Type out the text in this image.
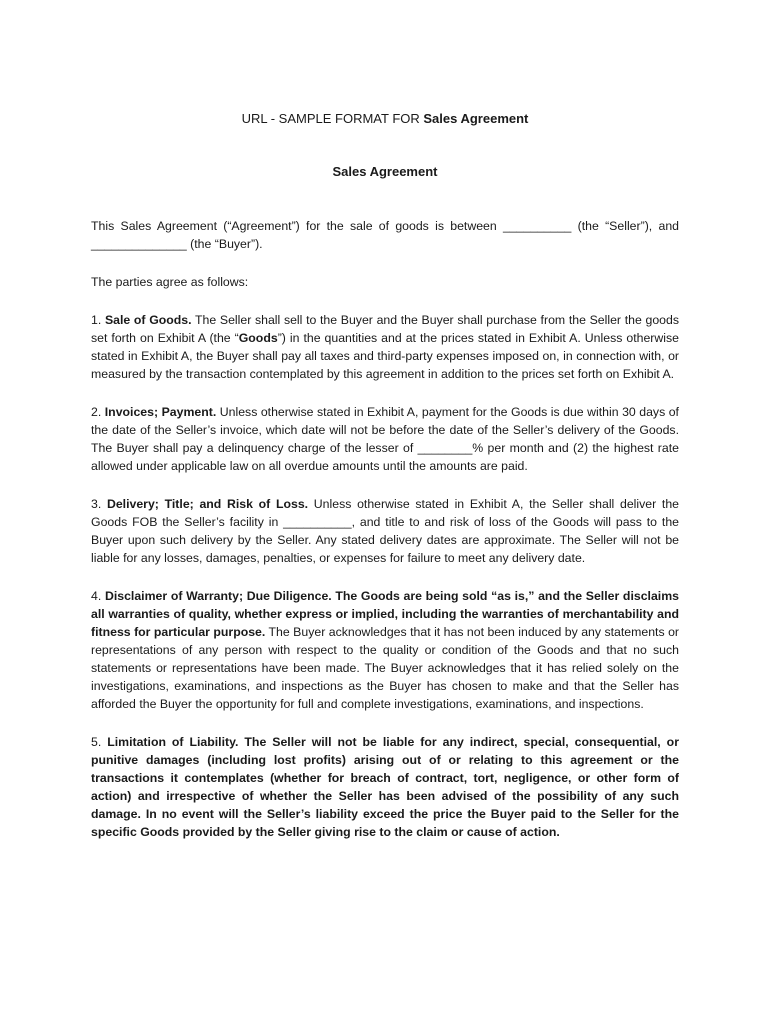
URL - SAMPLE FORMAT FOR Sales Agreement
Sales Agreement

This Sales Agreement (“Agreement”) for the sale of goods is between __________ (the “Seller”), and ______________ (the “Buyer”).

The parties agree as follows:

1. Sale of Goods. The Seller shall sell to the Buyer and the Buyer shall purchase from the Seller the goods set forth on Exhibit A (the “Goods”) in the quantities and at the prices stated in Exhibit A. Unless otherwise stated in Exhibit A, the Buyer shall pay all taxes and third-party expenses imposed on, in connection with, or measured by the transaction contemplated by this agreement in addition to the prices set forth on Exhibit A.

2. Invoices; Payment. Unless otherwise stated in Exhibit A, payment for the Goods is due within 30 days of the date of the Seller’s invoice, which date will not be before the date of the Seller’s delivery of the Goods. The Buyer shall pay a delinquency charge of the lesser of ________% per month and (2) the highest rate allowed under applicable law on all overdue amounts until the amounts are paid.

3. Delivery; Title; and Risk of Loss. Unless otherwise stated in Exhibit A, the Seller shall deliver the Goods FOB the Seller’s facility in __________, and title to and risk of loss of the Goods will pass to the Buyer upon such delivery by the Seller. Any stated delivery dates are approximate. The Seller will not be liable for any losses, damages, penalties, or expenses for failure to meet any delivery date.

4. Disclaimer of Warranty; Due Diligence. The Goods are being sold “as is,” and the Seller disclaims all warranties of quality, whether express or implied, including the warranties of merchantability and fitness for particular purpose. The Buyer acknowledges that it has not been induced by any statements or representations of any person with respect to the quality or condition of the Goods and that no such statements or representations have been made. The Buyer acknowledges that it has relied solely on the investigations, examinations, and inspections as the Buyer has chosen to make and that the Seller has afforded the Buyer the opportunity for full and complete investigations, examinations, and inspections.

5. Limitation of Liability. The Seller will not be liable for any indirect, special, consequential, or punitive damages (including lost profits) arising out of or relating to this agreement or the transactions it contemplates (whether for breach of contract, tort, negligence, or other form of action) and irrespective of whether the Seller has been advised of the possibility of any such damage. In no event will the Seller’s liability exceed the price the Buyer paid to the Seller for the specific Goods provided by the Seller giving rise to the claim or cause of action.
